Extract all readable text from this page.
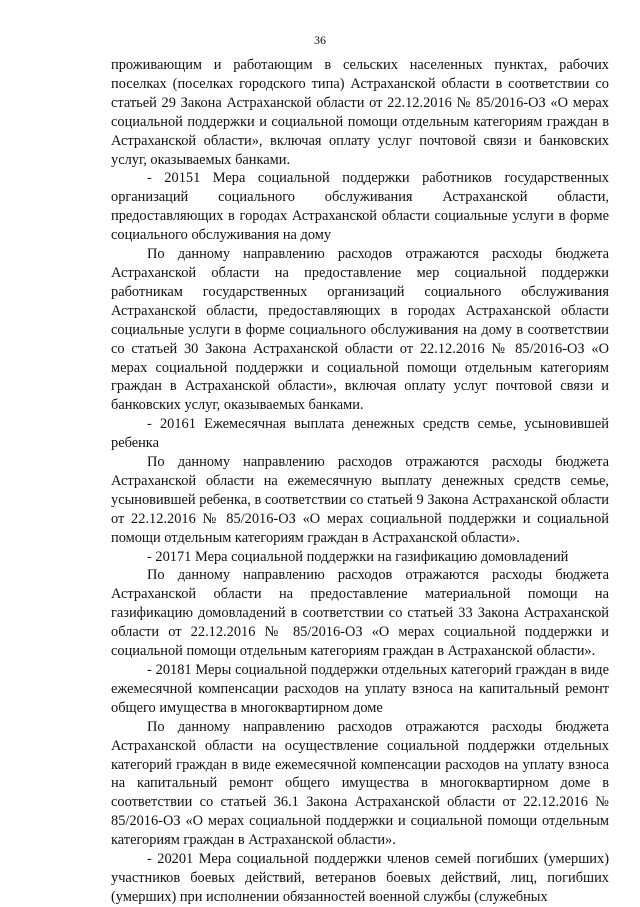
36

проживающим и работающим в сельских населенных пунктах, рабочих поселках (поселках городского типа) Астраханской области в соответствии со статьей 29 Закона Астраханской области от 22.12.2016 № 85/2016-ОЗ «О мерах социальной поддержки и социальной помощи отдельным категориям граждан в Астраханской области», включая оплату услуг почтовой связи и банковских услуг, оказываемых банками.

- 20151 Мера социальной поддержки работников государственных организаций социального обслуживания Астраханской области, предоставляющих в городах Астраханской области социальные услуги в форме социального обслуживания на дому

По данному направлению расходов отражаются расходы бюджета Астраханской области на предоставление мер социальной поддержки работникам государственных организаций социального обслуживания Астраханской области, предоставляющих в городах Астраханской области социальные услуги в форме социального обслуживания на дому в соответствии со статьей 30 Закона Астраханской области от 22.12.2016 № 85/2016-ОЗ «О мерах социальной поддержки и социальной помощи отдельным категориям граждан в Астраханской области», включая оплату услуг почтовой связи и банковских услуг, оказываемых банками.

- 20161 Ежемесячная выплата денежных средств семье, усыновившей ребенка

По данному направлению расходов отражаются расходы бюджета Астраханской области на ежемесячную выплату денежных средств семье, усыновившей ребенка, в соответствии со статьей 9 Закона Астраханской области от 22.12.2016 № 85/2016-ОЗ «О мерах социальной поддержки и социальной помощи отдельным категориям граждан в Астраханской области».

- 20171 Мера социальной поддержки на газификацию домовладений

По данному направлению расходов отражаются расходы бюджета Астраханской области на предоставление материальной помощи на газификацию домовладений в соответствии со статьей 33 Закона Астраханской области от 22.12.2016 № 85/2016-ОЗ «О мерах социальной поддержки и социальной помощи отдельным категориям граждан в Астраханской области».

- 20181 Меры социальной поддержки отдельных категорий граждан в виде ежемесячной компенсации расходов на уплату взноса на капитальный ремонт общего имущества в многоквартирном доме

По данному направлению расходов отражаются расходы бюджета Астраханской области на осуществление социальной поддержки отдельных категорий граждан в виде ежемесячной компенсации расходов на уплату взноса на капитальный ремонт общего имущества в многоквартирном доме в соответствии со статьей 36.1 Закона Астраханской области от 22.12.2016 № 85/2016-ОЗ «О мерах социальной поддержки и социальной помощи отдельным категориям граждан в Астраханской области».

- 20201 Мера социальной поддержки членов семей погибших (умерших) участников боевых действий, ветеранов боевых действий, лиц, погибших (умерших) при исполнении обязанностей военной службы (служебных
